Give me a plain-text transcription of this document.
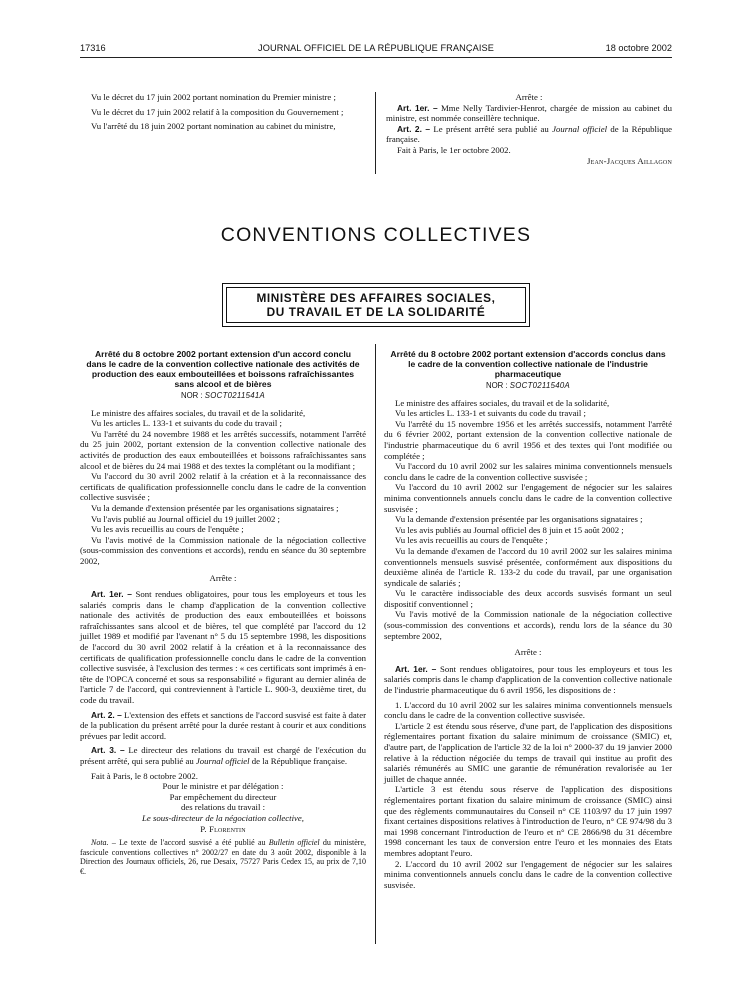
17316	JOURNAL OFFICIEL DE LA RÉPUBLIQUE FRANÇAISE	18 octobre 2002

Vu le décret du 17 juin 2002 portant nomination du Premier ministre ;

Vu le décret du 17 juin 2002 relatif à la composition du Gouvernement ;

Vu l'arrêté du 18 juin 2002 portant nomination au cabinet du ministre,

Arrête :

Art. 1er. – Mme Nelly Tardivier-Henrot, chargée de mission au cabinet du ministre, est nommée conseillère technique.

Art. 2. – Le présent arrêté sera publié au Journal officiel de la République française.

Fait à Paris, le 1er octobre 2002.

Jean-Jacques Aillagon

CONVENTIONS COLLECTIVES
MINISTÈRE DES AFFAIRES SOCIALES,
DU TRAVAIL ET DE LA SOLIDARITÉ

Arrêté du 8 octobre 2002 portant extension d'un accord conclu dans le cadre de la convention collective nationale des activités de production des eaux embouteillées et boissons rafraîchissantes sans alcool et de bières

NOR : SOCT0211541A

Le ministre des affaires sociales, du travail et de la solidarité,

Vu les articles L. 133-1 et suivants du code du travail ;

Vu l'arrêté du 24 novembre 1988 et les arrêtés successifs, notamment l'arrêté du 25 juin 2002, portant extension de la convention collective nationale des activités de production des eaux embouteillées et boissons rafraîchissantes sans alcool et de bières du 24 mai 1988 et des textes la complétant ou la modifiant ;

Vu l'accord du 30 avril 2002 relatif à la création et à la reconnaissance des certificats de qualification professionnelle conclu dans le cadre de la convention collective susvisée ;

Vu la demande d'extension présentée par les organisations signataires ;

Vu l'avis publié au Journal officiel du 19 juillet 2002 ;

Vu les avis recueillis au cours de l'enquête ;

Vu l'avis motivé de la Commission nationale de la négociation collective (sous-commission des conventions et accords), rendu en séance du 30 septembre 2002,

Arrête :

Art. 1er. – Sont rendues obligatoires, pour tous les employeurs et tous les salariés compris dans le champ d'application de la convention collective nationale des activités de production des eaux embouteillées et boissons rafraîchissantes sans alcool et de bières, tel que complété par l'accord du 12 juillet 1989 et modifié par l'avenant n° 5 du 15 septembre 1998, les dispositions de l'accord du 30 avril 2002 relatif à la création et à la reconnaissance des certificats de qualification professionnelle conclu dans le cadre de la convention collective susvisée, à l'exclusion des termes : « ces certificats sont imprimés à en-tête de l'OPCA concerné et sous sa responsabilité » figurant au dernier alinéa de l'article 7 de l'accord, qui contreviennent à l'article L. 900-3, deuxième tiret, du code du travail.

Art. 2. – L'extension des effets et sanctions de l'accord susvisé est faite à dater de la publication du présent arrêté pour la durée restant à courir et aux conditions prévues par ledit accord.

Art. 3. – Le directeur des relations du travail est chargé de l'exécution du présent arrêté, qui sera publié au Journal officiel de la République française.

Fait à Paris, le 8 octobre 2002.

Pour le ministre et par délégation :

Par empêchement du directeur

des relations du travail :

Le sous-directeur de la négociation collective,

P. Florentin

Nota. – Le texte de l'accord susvisé a été publié au Bulletin officiel du ministère, fascicule conventions collectives n° 2002/27 en date du 3 août 2002, disponible à la Direction des Journaux officiels, 26, rue Desaix, 75727 Paris Cedex 15, au prix de 7,10 €.

Arrêté du 8 octobre 2002 portant extension d'accords conclus dans le cadre de la convention collective nationale de l'industrie pharmaceutique

NOR : SOCT0211540A

Le ministre des affaires sociales, du travail et de la solidarité,

Vu les articles L. 133-1 et suivants du code du travail ;

Vu l'arrêté du 15 novembre 1956 et les arrêtés successifs, notamment l'arrêté du 6 février 2002, portant extension de la convention collective nationale de l'industrie pharmaceutique du 6 avril 1956 et des textes qui l'ont modifiée ou complétée ;

Vu l'accord du 10 avril 2002 sur les salaires minima conventionnels mensuels conclu dans le cadre de la convention collective susvisée ;

Vu l'accord du 10 avril 2002 sur l'engagement de négocier sur les salaires minima conventionnels annuels conclu dans le cadre de la convention collective susvisée ;

Vu la demande d'extension présentée par les organisations signataires ;

Vu les avis publiés au Journal officiel des 8 juin et 15 août 2002 ;

Vu les avis recueillis au cours de l'enquête ;

Vu la demande d'examen de l'accord du 10 avril 2002 sur les salaires minima conventionnels mensuels susvisé présentée, conformément aux dispositions du deuxième alinéa de l'article R. 133-2 du code du travail, par une organisation syndicale de salariés ;

Vu le caractère indissociable des deux accords susvisés formant un seul dispositif conventionnel ;

Vu l'avis motivé de la Commission nationale de la négociation collective (sous-commission des conventions et accords), rendu lors de la séance du 30 septembre 2002,

Arrête :

Art. 1er. – Sont rendues obligatoires, pour tous les employeurs et tous les salariés compris dans le champ d'application de la convention collective nationale de l'industrie pharmaceutique du 6 avril 1956, les dispositions de :

1. L'accord du 10 avril 2002 sur les salaires minima conventionnels mensuels conclu dans le cadre de la convention collective susvisée.

L'article 2 est étendu sous réserve, d'une part, de l'application des dispositions réglementaires portant fixation du salaire minimum de croissance (SMIC) et, d'autre part, de l'application de l'article 32 de la loi n° 2000-37 du 19 janvier 2000 relative à la réduction négociée du temps de travail qui institue au profit des salariés rémunérés au SMIC une garantie de rémunération revalorisée au 1er juillet de chaque année.

L'article 3 est étendu sous réserve de l'application des dispositions réglementaires portant fixation du salaire minimum de croissance (SMIC) ainsi que des règlements communautaires du Conseil n° CE 1103/97 du 17 juin 1997 fixant certaines dispositions relatives à l'introduction de l'euro, n° CE 974/98 du 3 mai 1998 concernant l'introduction de l'euro et n° CE 2866/98 du 31 décembre 1998 concernant les taux de conversion entre l'euro et les monnaies des Etats membres adoptant l'euro.

2. L'accord du 10 avril 2002 sur l'engagement de négocier sur les salaires minima conventionnels annuels conclu dans le cadre de la convention collective susvisée.
